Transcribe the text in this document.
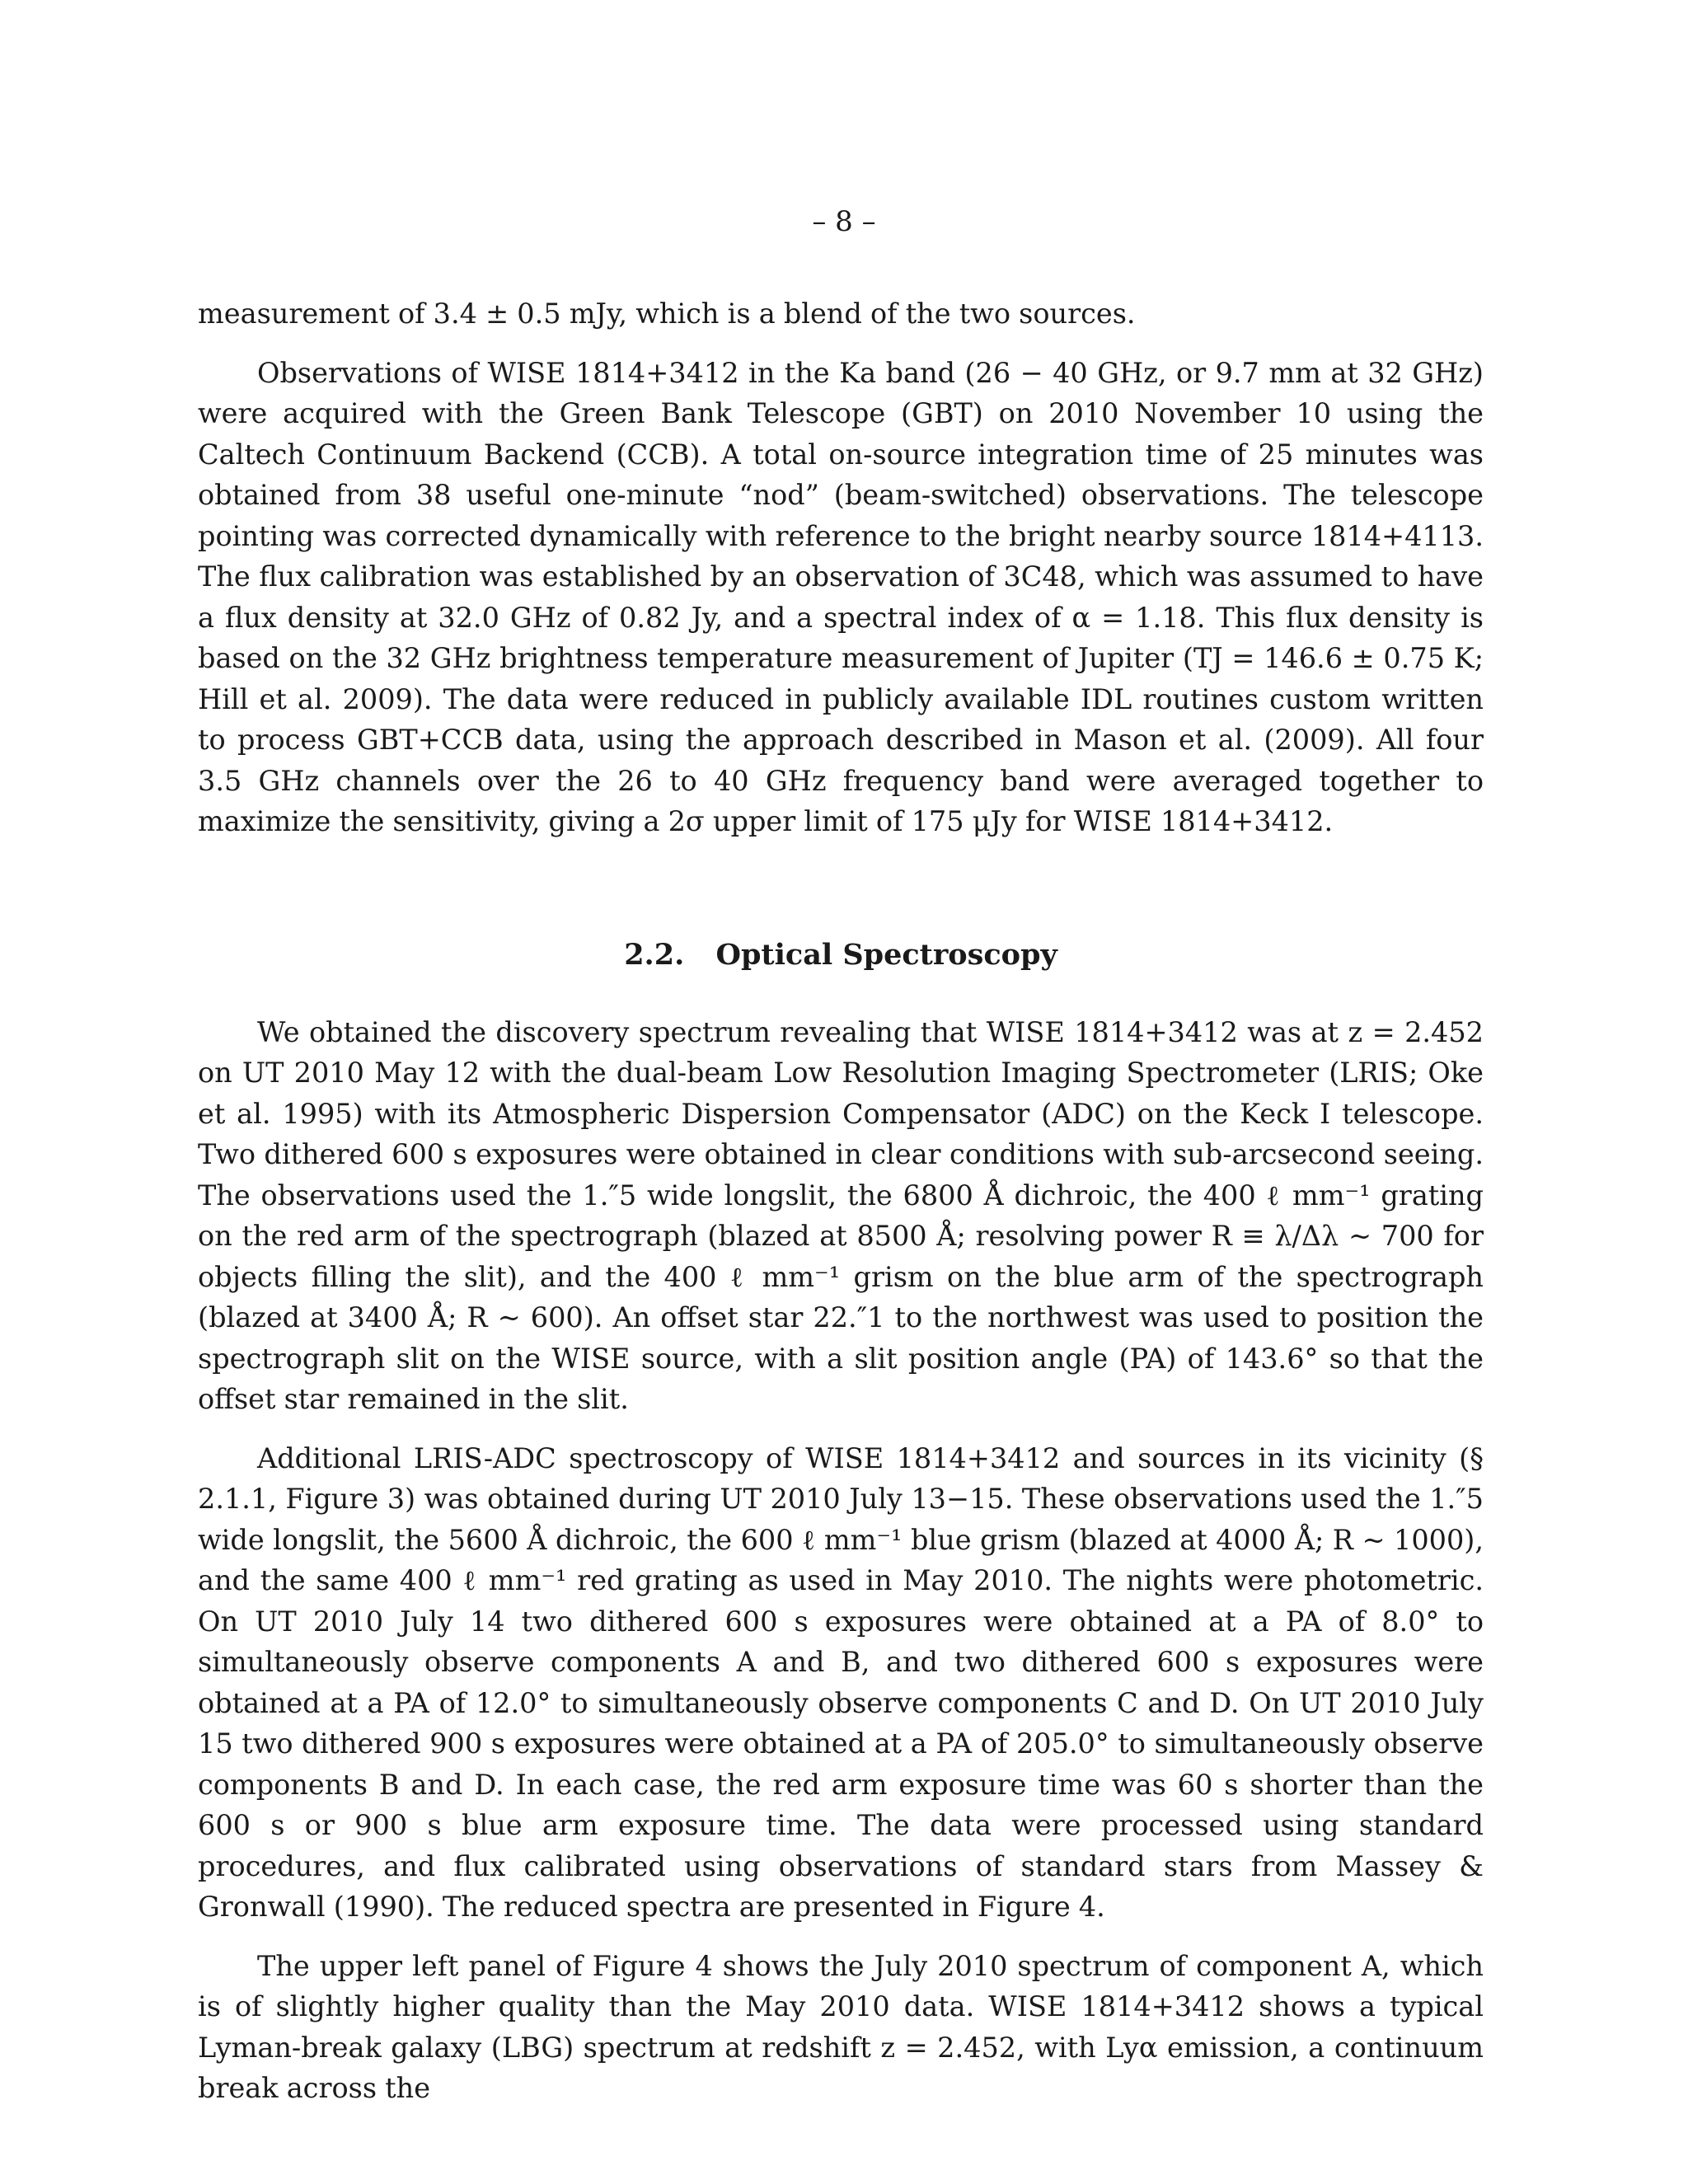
– 8 –

measurement of 3.4 ± 0.5 mJy, which is a blend of the two sources.

Observations of WISE 1814+3412 in the Ka band (26 − 40 GHz, or 9.7 mm at 32 GHz) were acquired with the Green Bank Telescope (GBT) on 2010 November 10 using the Caltech Continuum Backend (CCB). A total on-source integration time of 25 minutes was obtained from 38 useful one-minute “nod” (beam-switched) observations. The telescope pointing was corrected dynamically with reference to the bright nearby source 1814+4113. The flux calibration was established by an observation of 3C48, which was assumed to have a flux density at 32.0 GHz of 0.82 Jy, and a spectral index of α = 1.18. This flux density is based on the 32 GHz brightness temperature measurement of Jupiter (TJ = 146.6 ± 0.75 K; Hill et al. 2009). The data were reduced in publicly available IDL routines custom written to process GBT+CCB data, using the approach described in Mason et al. (2009). All four 3.5 GHz channels over the 26 to 40 GHz frequency band were averaged together to maximize the sensitivity, giving a 2σ upper limit of 175 μJy for WISE 1814+3412.

2.2. Optical Spectroscopy

We obtained the discovery spectrum revealing that WISE 1814+3412 was at z = 2.452 on UT 2010 May 12 with the dual-beam Low Resolution Imaging Spectrometer (LRIS; Oke et al. 1995) with its Atmospheric Dispersion Compensator (ADC) on the Keck I telescope. Two dithered 600 s exposures were obtained in clear conditions with sub-arcsecond seeing. The observations used the 1.″5 wide longslit, the 6800 Å dichroic, the 400 ℓ mm⁻¹ grating on the red arm of the spectrograph (blazed at 8500 Å; resolving power R ≡ λ/Δλ ∼ 700 for objects filling the slit), and the 400 ℓ mm⁻¹ grism on the blue arm of the spectrograph (blazed at 3400 Å; R ∼ 600). An offset star 22.″1 to the northwest was used to position the spectrograph slit on the WISE source, with a slit position angle (PA) of 143.6° so that the offset star remained in the slit.

Additional LRIS-ADC spectroscopy of WISE 1814+3412 and sources in its vicinity (§ 2.1.1, Figure 3) was obtained during UT 2010 July 13−15. These observations used the 1.″5 wide longslit, the 5600 Å dichroic, the 600 ℓ mm⁻¹ blue grism (blazed at 4000 Å; R ∼ 1000), and the same 400 ℓ mm⁻¹ red grating as used in May 2010. The nights were photometric. On UT 2010 July 14 two dithered 600 s exposures were obtained at a PA of 8.0° to simultaneously observe components A and B, and two dithered 600 s exposures were obtained at a PA of 12.0° to simultaneously observe components C and D. On UT 2010 July 15 two dithered 900 s exposures were obtained at a PA of 205.0° to simultaneously observe components B and D. In each case, the red arm exposure time was 60 s shorter than the 600 s or 900 s blue arm exposure time. The data were processed using standard procedures, and flux calibrated using observations of standard stars from Massey & Gronwall (1990). The reduced spectra are presented in Figure 4.

The upper left panel of Figure 4 shows the July 2010 spectrum of component A, which is of slightly higher quality than the May 2010 data. WISE 1814+3412 shows a typical Lyman-break galaxy (LBG) spectrum at redshift z = 2.452, with Lyα emission, a continuum break across the
